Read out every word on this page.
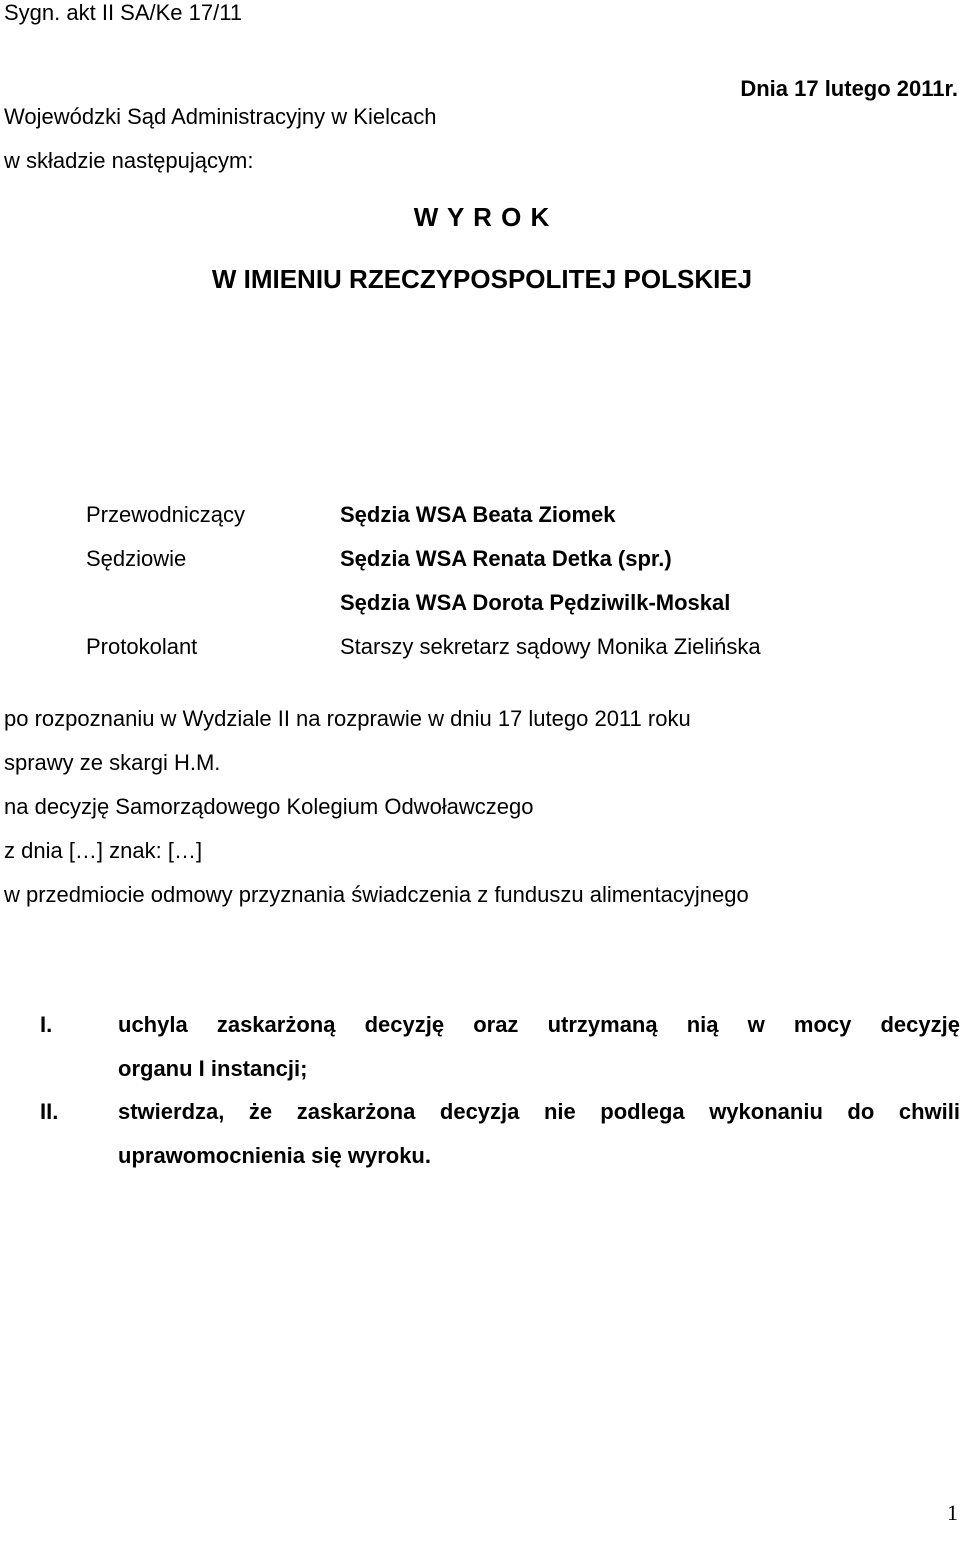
Sygn. akt II SA/Ke 17/11
W Y R O K
W IMIENIU RZECZYPOSPOLITEJ POLSKIEJ
Dnia 17 lutego 2011r.
Wojewódzki Sąd Administracyjny w Kielcach
w składzie następującym:
Przewodniczący	Sędzia WSA Beata Ziomek
Sędziowie	Sędzia WSA Renata Detka (spr.)
Sędzia WSA Dorota Pędziwilk-Moskal
Protokolant	Starszy sekretarz sądowy Monika Zielińska
po rozpoznaniu w Wydziale II na rozprawie w dniu 17 lutego 2011 roku
sprawy ze skargi H.M.
na decyzję Samorządowego Kolegium Odwoławczego
z dnia […] znak: […]
w przedmiocie odmowy przyznania świadczenia z funduszu alimentacyjnego
I.	uchyla zaskarżoną decyzję oraz utrzymaną nią w mocy decyzję
organu I instancji;
II.	stwierdza, że zaskarżona decyzja nie podlega wykonaniu do chwili
uprawomocnienia się wyroku.
1
